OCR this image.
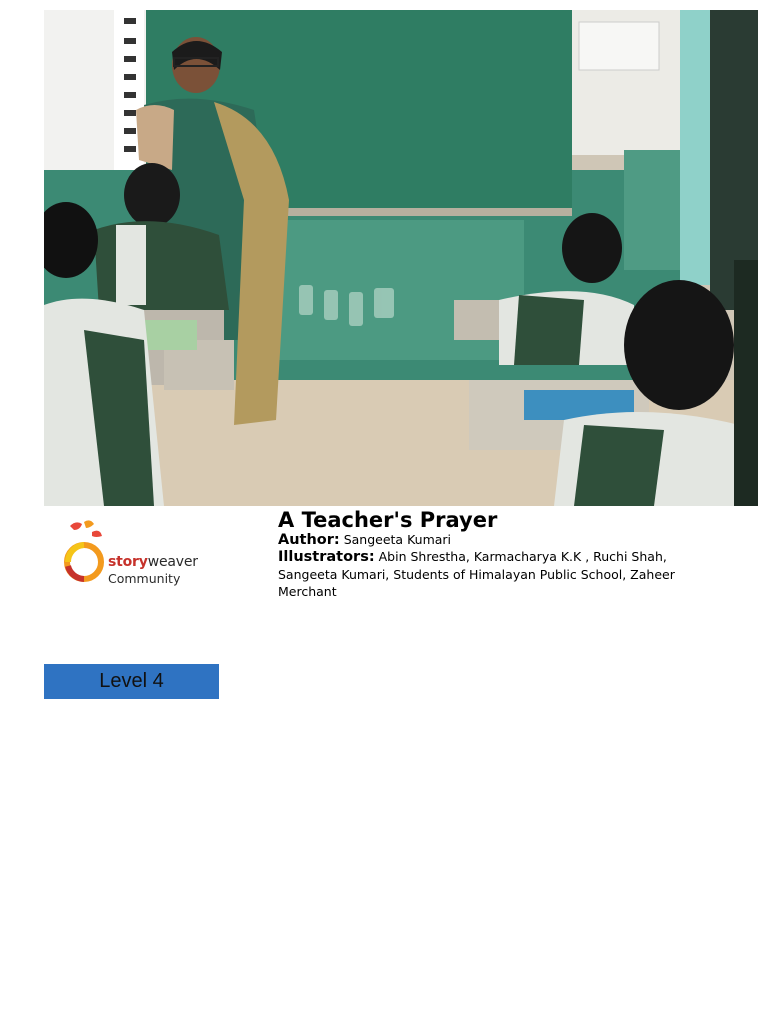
storyweaver
Community
A Teacher's Prayer
Author: Sangeeta Kumari
Illustrators: Abin Shrestha, Karmacharya K.K , Ruchi Shah, Sangeeta Kumari, Students of Himalayan Public School, Zaheer Merchant
Level 4
